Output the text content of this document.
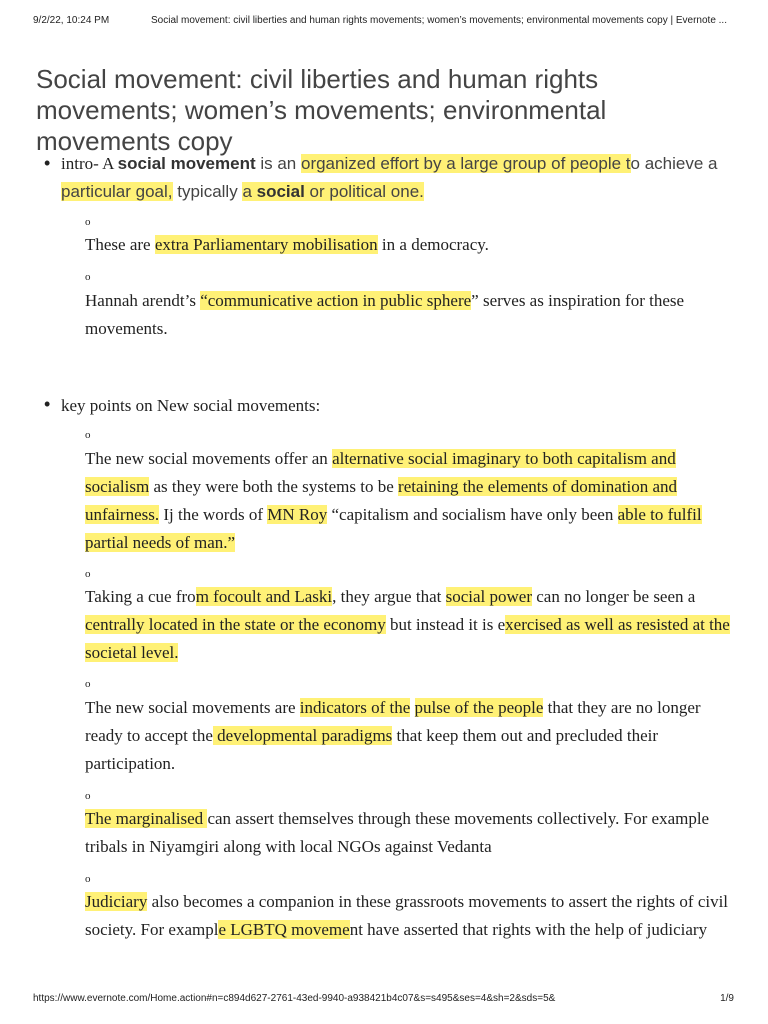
9/2/22, 10:24 PM	Social movement: civil liberties and human rights movements; women’s movements; environmental movements copy | Evernote ...
Social movement: civil liberties and human rights movements; women’s movements; environmental movements copy
• intro- A social movement is an organized effort by a large group of people to achieve a particular goal, typically a social or political one.
o
These are extra Parliamentary mobilisation in a democracy.
o
Hannah arendt’s “communicative action in public sphere” serves as inspiration for these movements.
• key points on New social movements:
o
The new social movements offer an alternative social imaginary to both capitalism and socialism as they were both the systems to be retaining the elements of domination and unfairness. Ij the words of MN Roy “capitalism and socialism have only been able to fulfil partial needs of man.”
o
Taking a cue from focoult and Laski, they argue that social power can no longer be seen a centrally located in the state or the economy but instead it is exercised as well as resisted at the societal level.
o
The new social movements are indicators of the pulse of the people that they are no longer ready to accept the developmental paradigms that keep them out and precluded their participation.
o
The marginalised can assert themselves through these movements collectively. For example tribals in Niyamgiri along with local NGOs against Vedanta
o
Judiciary also becomes a companion in these grassroots movements to assert the rights of civil society. For example LGBTQ movement have asserted that rights with the help of judiciary
https://www.evernote.com/Home.action#n=c894d627-2761-43ed-9940-a938421b4c07&s=s495&ses=4&sh=2&sds=5&	1/9
